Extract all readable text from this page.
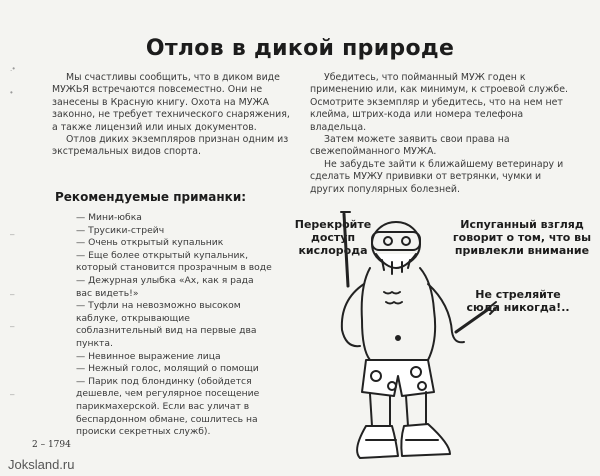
Отлов в дикой природе
.•
•
–
–
–
–

Мы счастливы сообщить, что в диком виде МУЖЬЯ встречаются повсеместно. Они не занесены в Красную книгу. Охота на МУЖА законно, не требует технического снаряжения, а также лицензий или иных документов.

Отлов диких экземпляров признан одним из экстремальных видов спорта.

Убедитесь, что пойманный МУЖ годен к применению или, как минимум, к строевой службе. Осмотрите экземпляр и убедитесь, что на нем нет клейма, штрих-кода или номера телефона владельца.

Затем можете заявить свои права на свежепойманного МУЖА.

Не забудьте зайти к ближайшему ветеринару и сделать МУЖУ прививки от ветрянки, чумки и других популярных болезней.

Рекомендуемые приманки:
— Мини-юбка
— Трусики-стрейч
— Очень открытый купальник
— Еще более открытый купальник, который становится прозрачным в воде
— Дежурная улыбка «Ах, как я рада вас видеть!»
— Туфли на невозможно высоком каблуке, открывающие соблазнительный вид на первые два пункта.
— Невинное выражение лица
— Нежный голос, молящий о помощи
— Парик под блондинку (обойдется дешевле, чем регулярное посещение парикмахерской. Если вас уличат в беспардонном обмане, сошлитесь на происки секретных служб).
Перекройте доступ кислорода
Испуганный взгляд говорит о том, что вы привлекли внимание
Не стреляйте сюда никогда!..
2 – 1794
Joksland.ru
